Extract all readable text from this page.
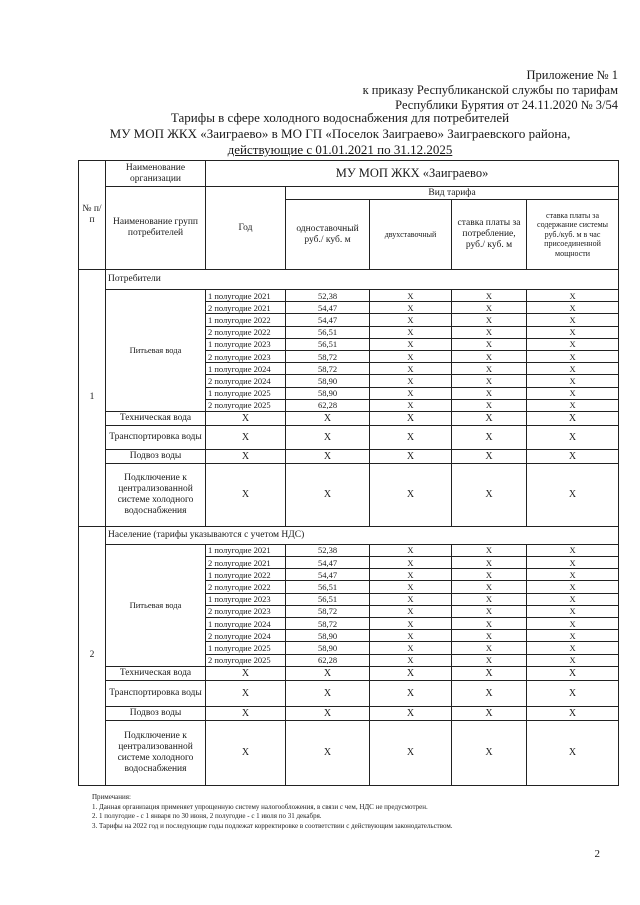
Приложение № 1
к приказу Республиканской службы по тарифам
Республики Бурятия от 24.11.2020 № 3/54
Тарифы в сфере холодного водоснабжения для потребителей
МУ МОП ЖКХ «Заиграево» в МО ГП «Поселок Заиграево» Заиграевского района,
действующие с 01.01.2021 по 31.12.2025
№ п/п	Наименование организации	МУ МОП ЖКХ «Заиграево»				
	Наименование групп потребителей	Год	Вид тарифа			
			одноставочный руб./ куб. м	двухставочный	ставка платы за потребление, руб./ куб. м	ставка платы за содержание системы руб./куб. м в час присоединенной мощности
1	Потребители					
	Питьевая вода	1 полугодие 2021	52,38	X	X	X
		2 полугодие 2021	54,47	X	X	X
		1 полугодие 2022	54,47	X	X	X
		2 полугодие 2022	56,51	X	X	X
		1 полугодие 2023	56,51	X	X	X
		2 полугодие 2023	58,72	X	X	X
		1 полугодие 2024	58,72	X	X	X
		2 полугодие 2024	58,90	X	X	X
		1 полугодие 2025	58,90	X	X	X
		2 полугодие 2025	62,28	X	X	X
	Техническая вода	X	X	X	X	X
	Транспортировка воды	X	X	X	X	X
	Подвоз воды	X	X	X	X	X
	Подключение к централизованной системе холодного водоснабжения	X	X	X	X	X
2	Население (тарифы указываются с учетом НДС)					
	Питьевая вода	1 полугодие 2021	52,38	X	X	X
		2 полугодие 2021	54,47	X	X	X
		1 полугодие 2022	54,47	X	X	X
		2 полугодие 2022	56,51	X	X	X
		1 полугодие 2023	56,51	X	X	X
		2 полугодие 2023	58,72	X	X	X
		1 полугодие 2024	58,72	X	X	X
		2 полугодие 2024	58,90	X	X	X
		1 полугодие 2025	58,90	X	X	X
		2 полугодие 2025	62,28	X	X	X
	Техническая вода	X	X	X	X	X
	Транспортировка воды	X	X	X	X	X
	Подвоз воды	X	X	X	X	X
	Подключение к централизованной системе холодного водоснабжения	X	X	X	X	X
Примечания:
1. Данная организация применяет упрощенную систему налогообложения, в связи с чем, НДС не предусмотрен.
2. 1 полугодие - с 1 января по 30 июня, 2 полугодие - с 1 июля по 31 декабря.
3. Тарифы на 2022 год и последующие годы подлежат корректировке в соответствии с действующим законодательством.
2
